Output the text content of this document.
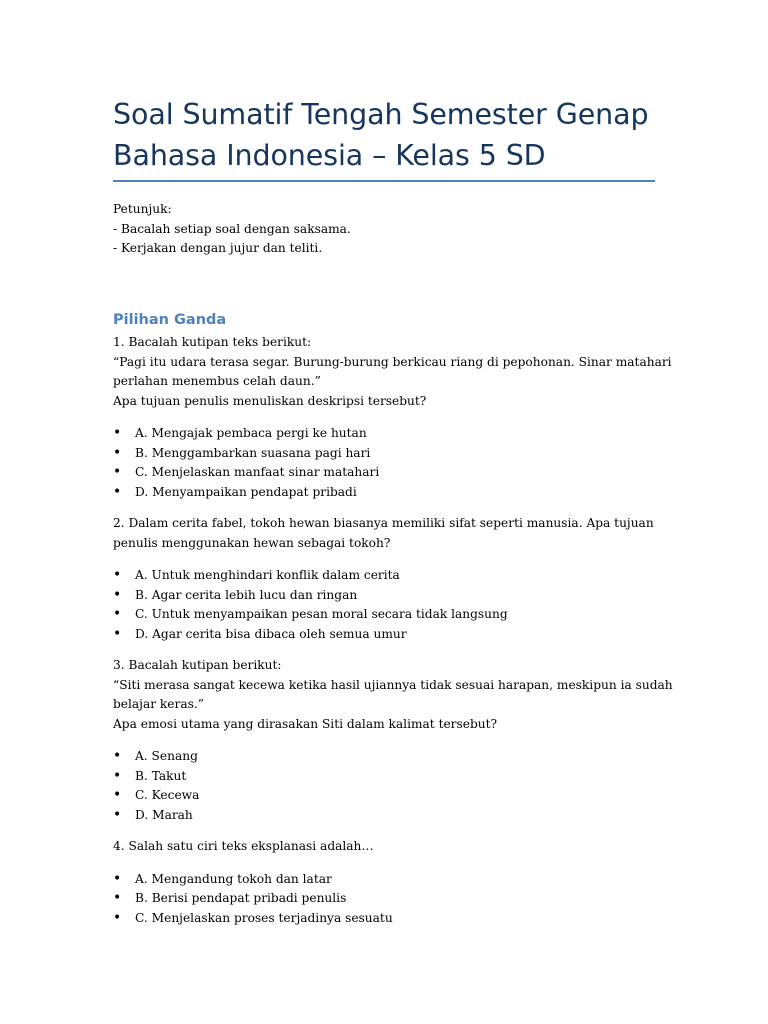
Soal Sumatif Tengah Semester Genap
Bahasa Indonesia – Kelas 5 SD
Petunjuk:
- Bacalah setiap soal dengan saksama.
- Kerjakan dengan jujur dan teliti.
Pilihan Ganda
1. Bacalah kutipan teks berikut:
“Pagi itu udara terasa segar. Burung-burung berkicau riang di pepohonan. Sinar matahari
perlahan menembus celah daun.”
Apa tujuan penulis menuliskan deskripsi tersebut?
• A. Mengajak pembaca pergi ke hutan
• B. Menggambarkan suasana pagi hari
• C. Menjelaskan manfaat sinar matahari
• D. Menyampaikan pendapat pribadi
2. Dalam cerita fabel, tokoh hewan biasanya memiliki sifat seperti manusia. Apa tujuan
penulis menggunakan hewan sebagai tokoh?
• A. Untuk menghindari konflik dalam cerita
• B. Agar cerita lebih lucu dan ringan
• C. Untuk menyampaikan pesan moral secara tidak langsung
• D. Agar cerita bisa dibaca oleh semua umur
3. Bacalah kutipan berikut:
“Siti merasa sangat kecewa ketika hasil ujiannya tidak sesuai harapan, meskipun ia sudah
belajar keras.”
Apa emosi utama yang dirasakan Siti dalam kalimat tersebut?
• A. Senang
• B. Takut
• C. Kecewa
• D. Marah
4. Salah satu ciri teks eksplanasi adalah…
• A. Mengandung tokoh dan latar
• B. Berisi pendapat pribadi penulis
• C. Menjelaskan proses terjadinya sesuatu
